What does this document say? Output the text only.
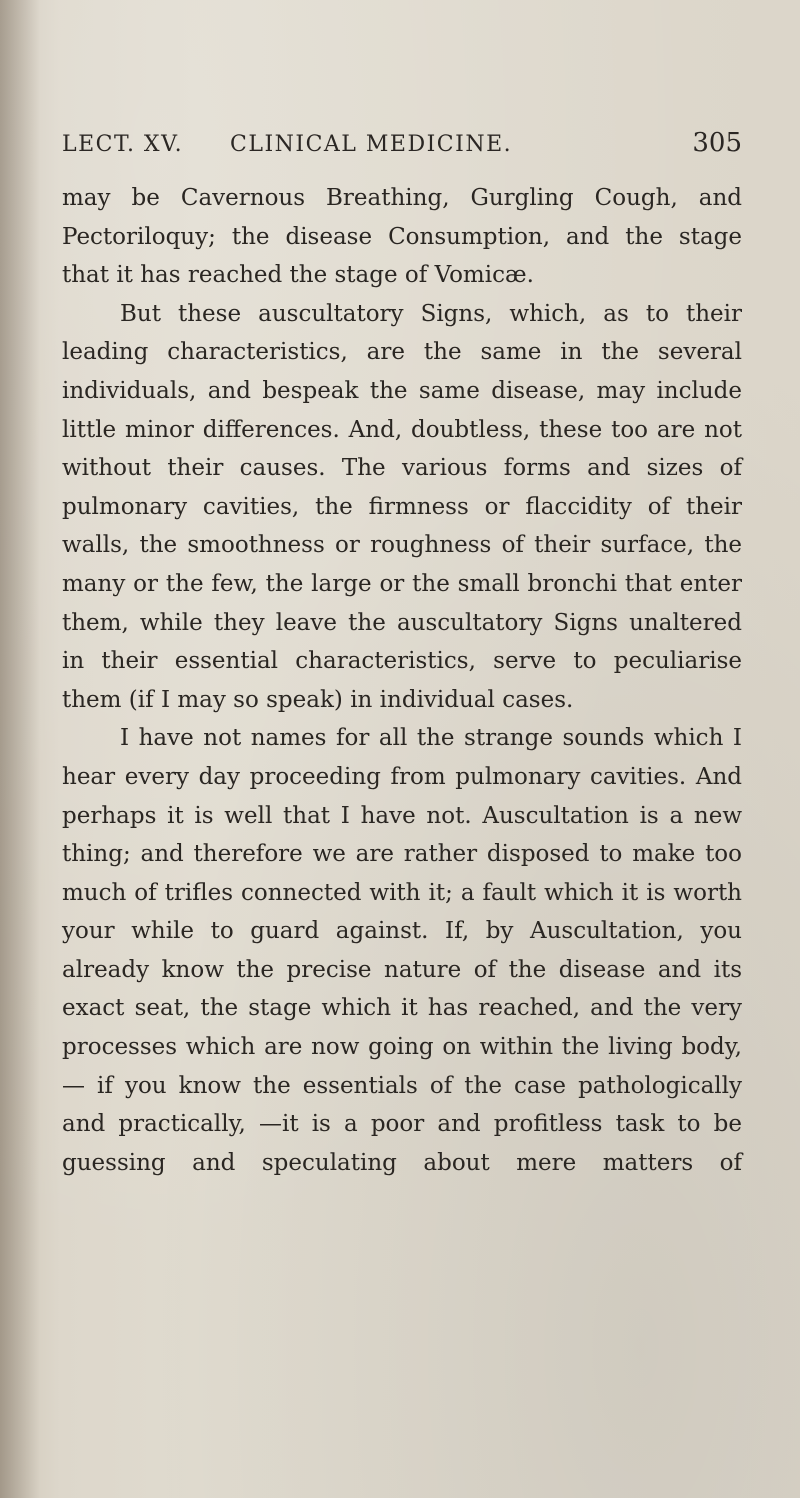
LECT. XV. CLINICAL MEDICINE.	305

may be Cavernous Breathing, Gurgling Cough, and Pectoriloquy; the disease Consumption, and the stage that it has reached the stage of Vomicæ.

But these auscultatory Signs, which, as to their leading characteristics, are the same in the several individuals, and bespeak the same disease, may include little minor differences. And, doubtless, these too are not without their causes. The various forms and sizes of pulmonary cavities, the firmness or flaccidity of their walls, the smoothness or roughness of their surface, the many or the few, the large or the small bronchi that enter them, while they leave the auscultatory Signs unaltered in their essential characteristics, serve to peculiarise them (if I may so speak) in individual cases.

I have not names for all the strange sounds which I hear every day proceeding from pulmonary cavities. And perhaps it is well that I have not. Auscultation is a new thing; and therefore we are rather disposed to make too much of trifles connected with it; a fault which it is worth your while to guard against. If, by Auscultation, you already know the precise nature of the disease and its exact seat, the stage which it has reached, and the very processes which are now going on within the living body, — if you know the essentials of the case pathologically and practically, —it is a poor and profitless task to be guessing and speculating about mere matters of
